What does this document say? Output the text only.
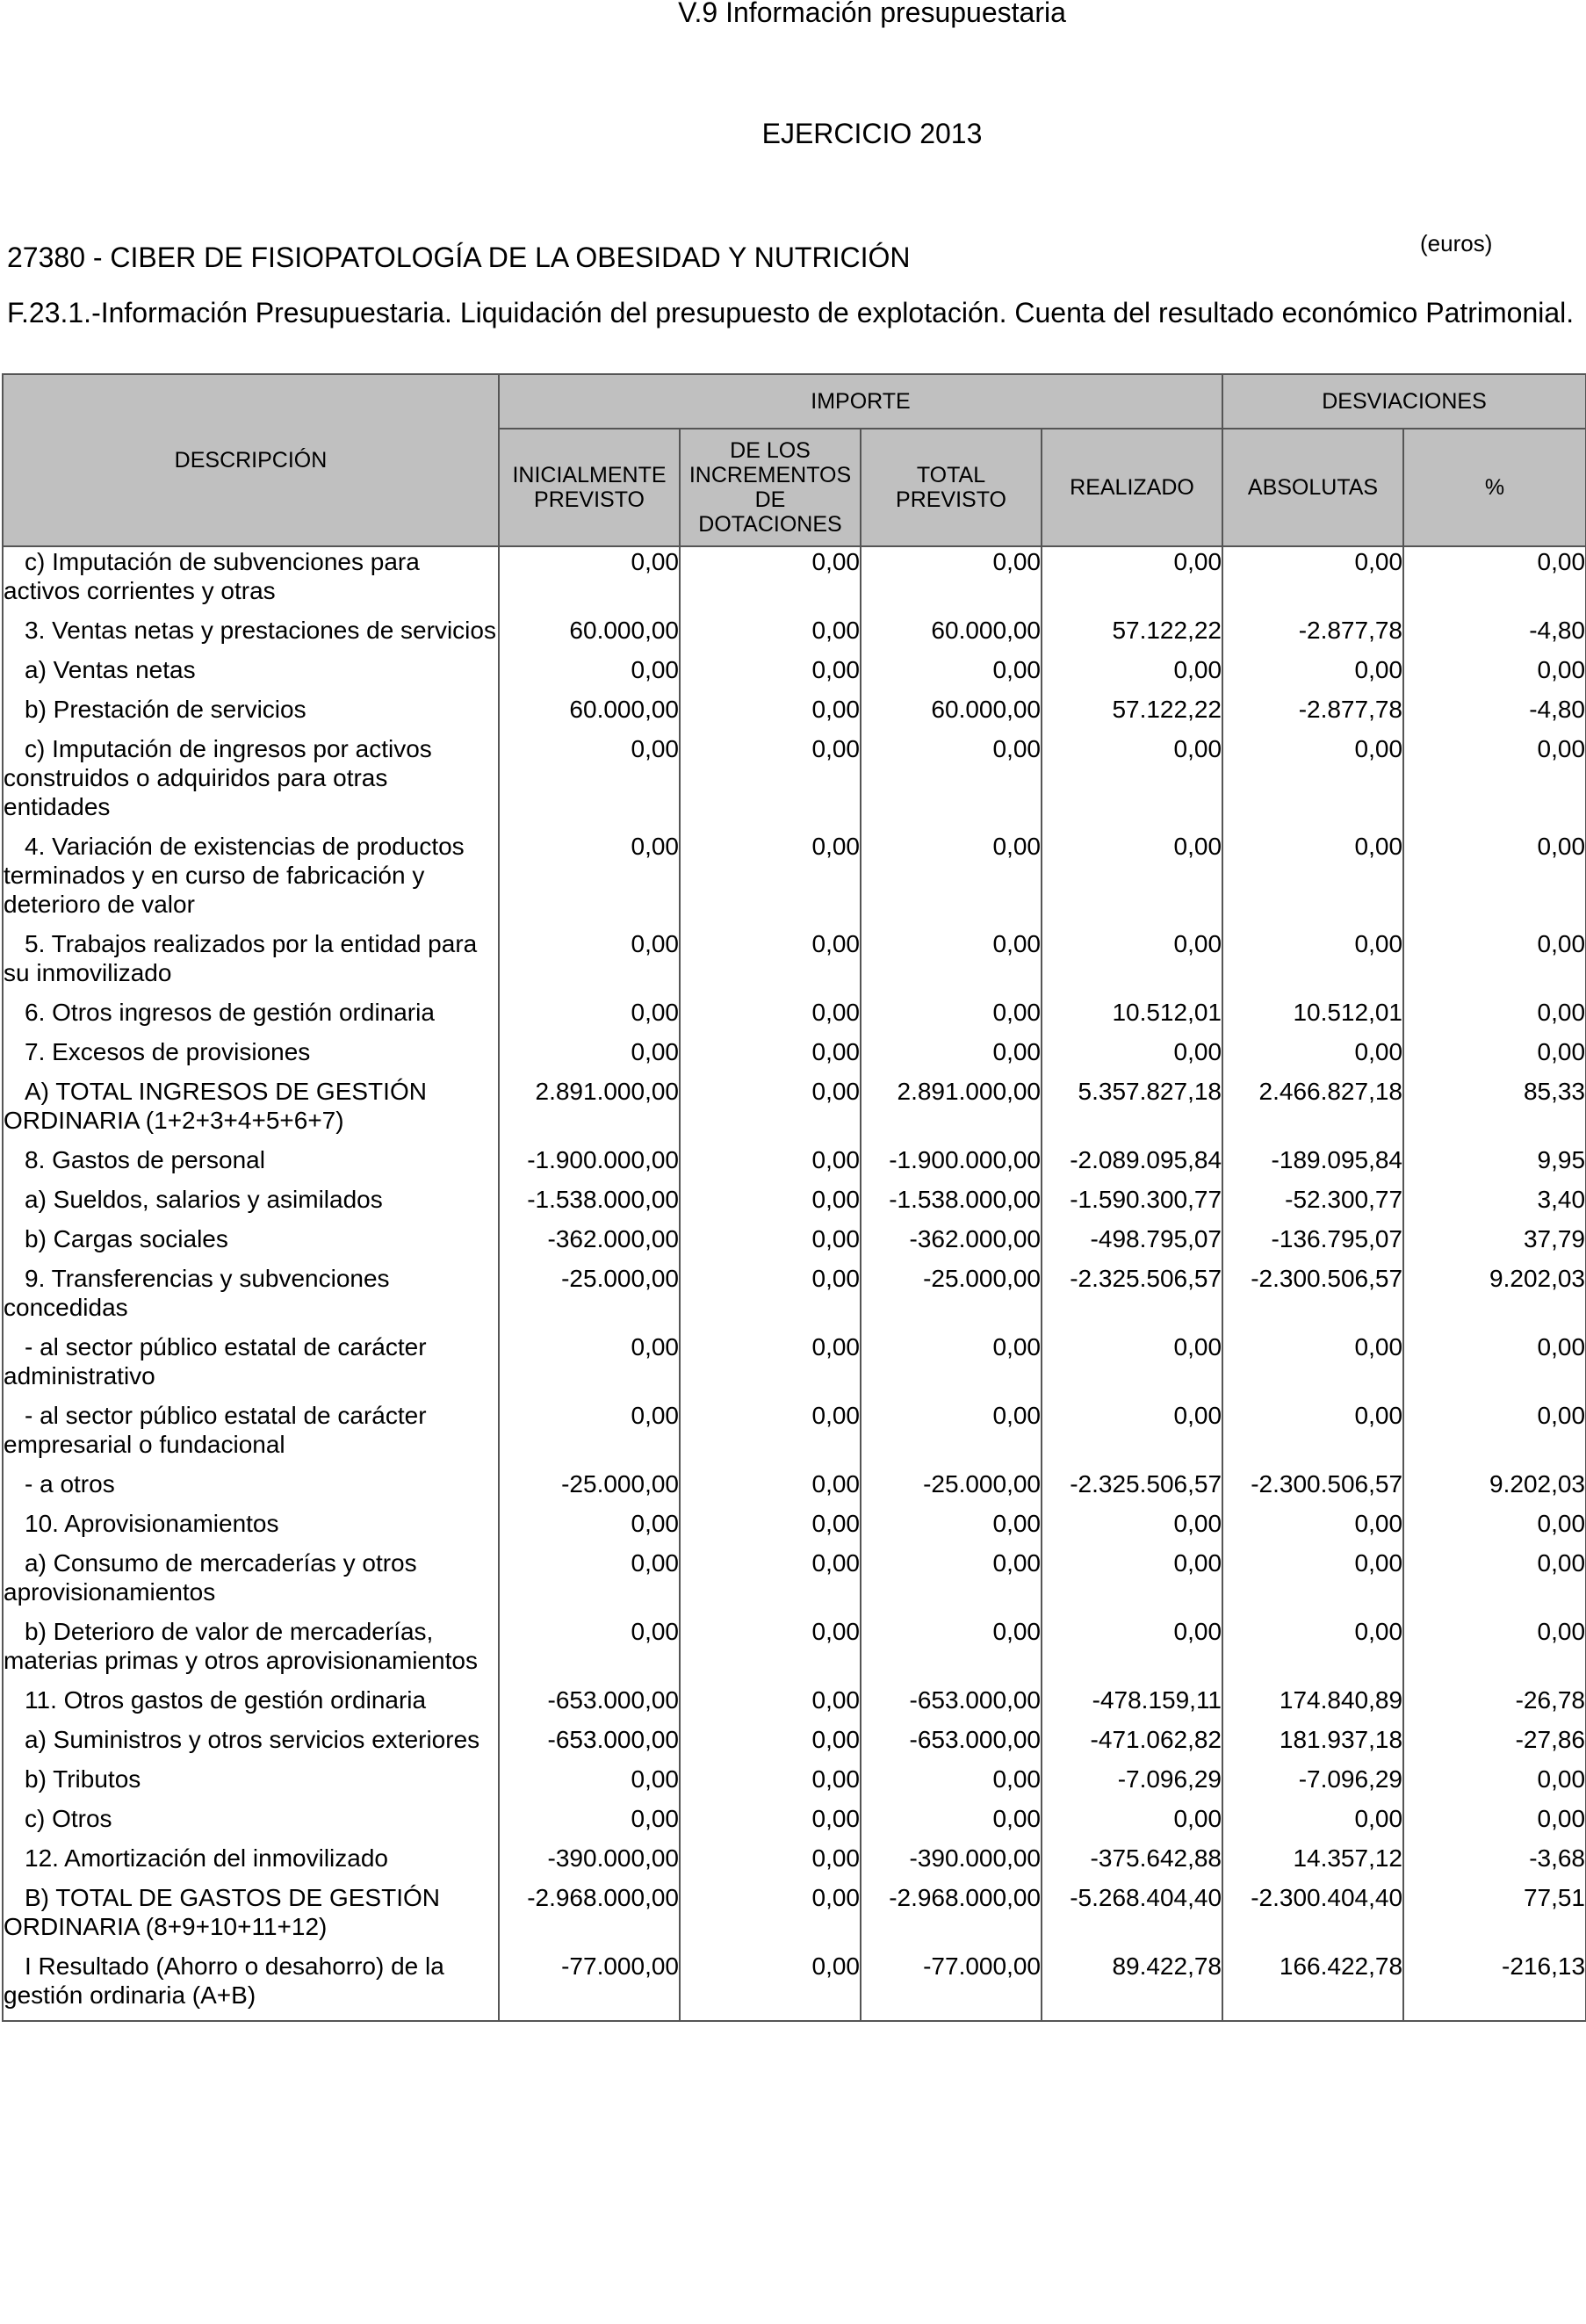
V.9 Información presupuestaria
EJERCICIO 2013
27380 - CIBER DE FISIOPATOLOGÍA DE LA OBESIDAD Y NUTRICIÓN	(euros)
F.23.1.-Información Presupuestaria. Liquidación del presupuesto de explotación. Cuenta del resultado económico Patrimonial.
DESCRIPCIÓN	IMPORTE				DESVIACIONES	
	INICIALMENTE PREVISTO	DE LOS INCREMENTOS DE DOTACIONES	TOTAL PREVISTO	REALIZADO	ABSOLUTAS	%

c) Imputación de subvenciones para activos corrientes y otras	0,00	0,00	0,00	0,00	0,00	0,00

3. Ventas netas y prestaciones de servicios	60.000,00	0,00	60.000,00	57.122,22	-2.877,78	-4,80

a) Ventas netas	0,00	0,00	0,00	0,00	0,00	0,00

b) Prestación de servicios	60.000,00	0,00	60.000,00	57.122,22	-2.877,78	-4,80

c) Imputación de ingresos por activos construidos o adquiridos para otras entidades	0,00	0,00	0,00	0,00	0,00	0,00

4. Variación de existencias de productos terminados y en curso de fabricación y deterioro de valor	0,00	0,00	0,00	0,00	0,00	0,00

5. Trabajos realizados por la entidad para su inmovilizado	0,00	0,00	0,00	0,00	0,00	0,00

6. Otros ingresos de gestión ordinaria	0,00	0,00	0,00	10.512,01	10.512,01	0,00

7. Excesos de provisiones	0,00	0,00	0,00	0,00	0,00	0,00

A) TOTAL INGRESOS DE GESTIÓN ORDINARIA (1+2+3+4+5+6+7)	2.891.000,00	0,00	2.891.000,00	5.357.827,18	2.466.827,18	85,33

8. Gastos de personal	-1.900.000,00	0,00	-1.900.000,00	-2.089.095,84	-189.095,84	9,95

a) Sueldos, salarios y asimilados	-1.538.000,00	0,00	-1.538.000,00	-1.590.300,77	-52.300,77	3,40

b) Cargas sociales	-362.000,00	0,00	-362.000,00	-498.795,07	-136.795,07	37,79

9. Transferencias y subvenciones concedidas	-25.000,00	0,00	-25.000,00	-2.325.506,57	-2.300.506,57	9.202,03

- al sector público estatal de carácter administrativo	0,00	0,00	0,00	0,00	0,00	0,00

- al sector público estatal de carácter empresarial o fundacional	0,00	0,00	0,00	0,00	0,00	0,00

- a otros	-25.000,00	0,00	-25.000,00	-2.325.506,57	-2.300.506,57	9.202,03

10. Aprovisionamientos	0,00	0,00	0,00	0,00	0,00	0,00

a) Consumo de mercaderías y otros aprovisionamientos	0,00	0,00	0,00	0,00	0,00	0,00

b) Deterioro de valor de mercaderías, materias primas y otros aprovisionamientos	0,00	0,00	0,00	0,00	0,00	0,00

11. Otros gastos de gestión ordinaria	-653.000,00	0,00	-653.000,00	-478.159,11	174.840,89	-26,78

a) Suministros y otros servicios exteriores	-653.000,00	0,00	-653.000,00	-471.062,82	181.937,18	-27,86

b) Tributos	0,00	0,00	0,00	-7.096,29	-7.096,29	0,00

c) Otros	0,00	0,00	0,00	0,00	0,00	0,00

12. Amortización del inmovilizado	-390.000,00	0,00	-390.000,00	-375.642,88	14.357,12	-3,68

B) TOTAL DE GASTOS DE GESTIÓN ORDINARIA (8+9+10+11+12)	-2.968.000,00	0,00	-2.968.000,00	-5.268.404,40	-2.300.404,40	77,51

I Resultado (Ahorro o desahorro) de la gestión ordinaria (A+B)	-77.000,00	0,00	-77.000,00	89.422,78	166.422,78	-216,13
